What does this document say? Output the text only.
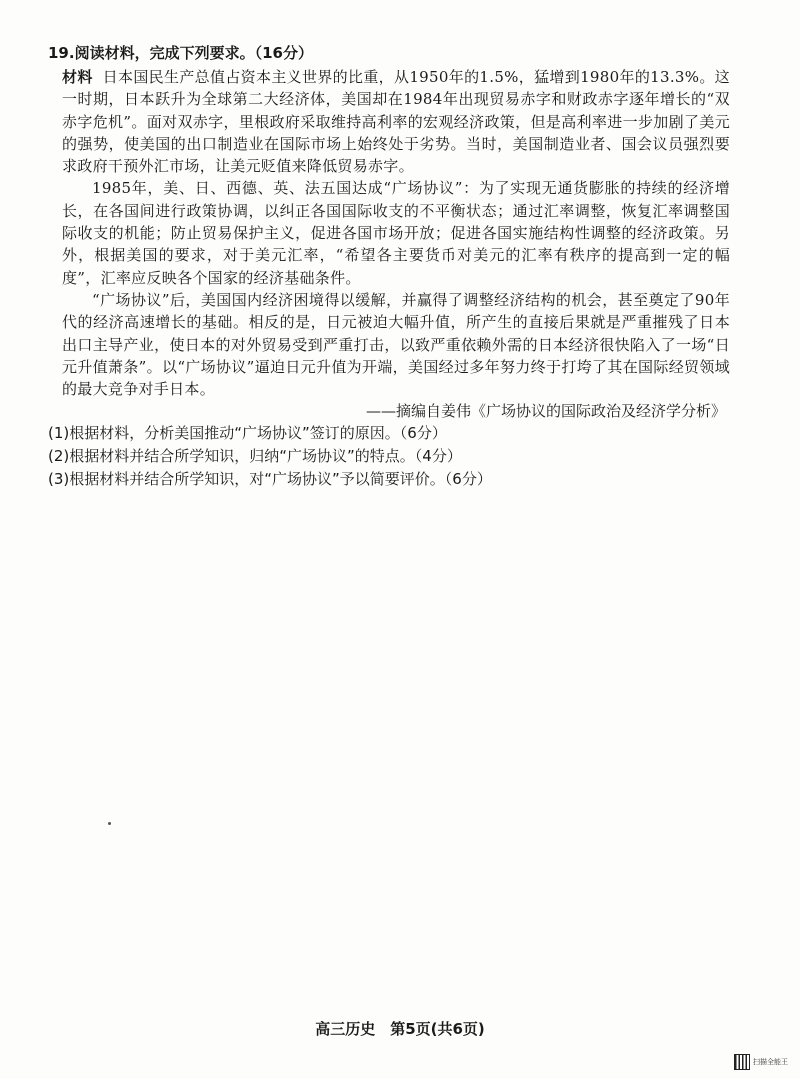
19.阅读材料，完成下列要求。（16分）

材料 日本国民生产总值占资本主义世界的比重，从1950年的1.5%，猛增到1980年的13.3%。这一时期，日本跃升为全球第二大经济体，美国却在1984年出现贸易赤字和财政赤字逐年增长的“双赤字危机”。面对双赤字，里根政府采取维持高利率的宏观经济政策，但是高利率进一步加剧了美元的强势，使美国的出口制造业在国际市场上始终处于劣势。当时，美国制造业者、国会议员强烈要求政府干预外汇市场，让美元贬值来降低贸易赤字。

1985年，美、日、西德、英、法五国达成“广场协议”：为了实现无通货膨胀的持续的经济增长，在各国间进行政策协调，以纠正各国国际收支的不平衡状态；通过汇率调整，恢复汇率调整国际收支的机能；防止贸易保护主义，促进各国市场开放；促进各国实施结构性调整的经济政策。另外，根据美国的要求，对于美元汇率，“希望各主要货币对美元的汇率有秩序的提高到一定的幅度”，汇率应反映各个国家的经济基础条件。

“广场协议”后，美国国内经济困境得以缓解，并赢得了调整经济结构的机会，甚至奠定了90年代的经济高速增长的基础。相反的是，日元被迫大幅升值，所产生的直接后果就是严重摧残了日本出口主导产业，使日本的对外贸易受到严重打击，以致严重依赖外需的日本经济很快陷入了一场“日元升值萧条”。以“广场协议”逼迫日元升值为开端，美国经过多年努力终于打垮了其在国际经贸领域的最大竞争对手日本。

——摘编自姜伟《广场协议的国际政治及经济学分析》

(1)根据材料，分析美国推动“广场协议”签订的原因。（6分）

(2)根据材料并结合所学知识，归纳“广场协议”的特点。（4分）

(3)根据材料并结合所学知识，对“广场协议”予以简要评价。（6分）

高三历史　第5页(共6页)
扫描全能王
